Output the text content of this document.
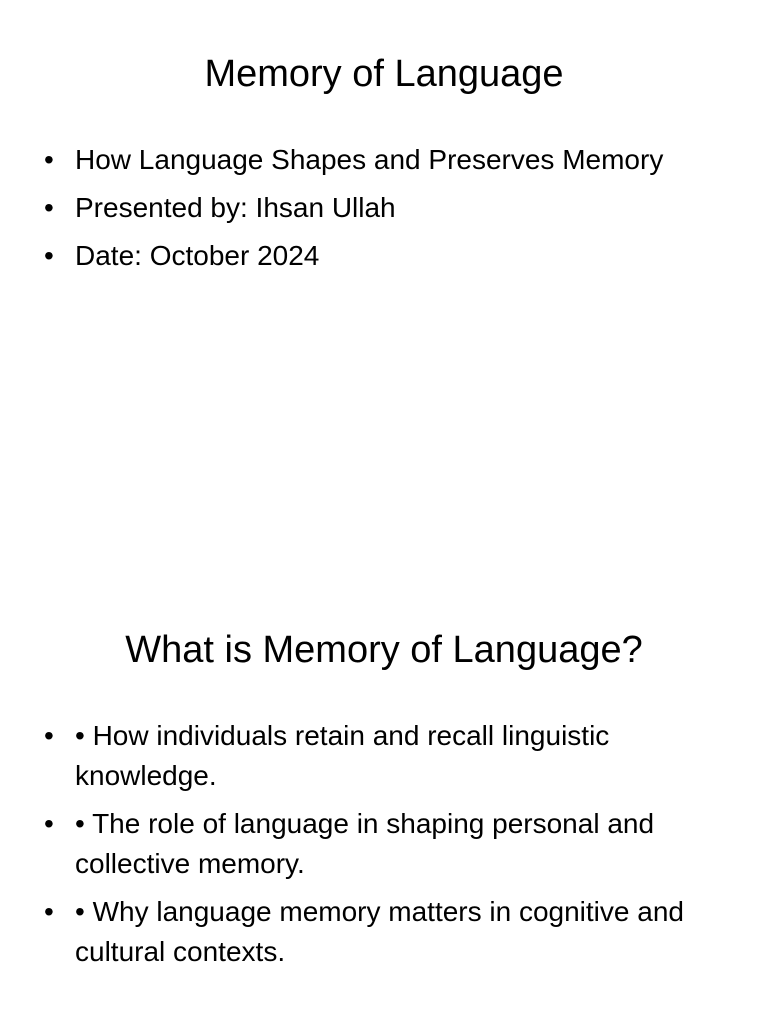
Memory of Language
• How Language Shapes and Preserves Memory
• Presented by: Ihsan Ullah
• Date: October 2024
What is Memory of Language?
• • How individuals retain and recall linguistic knowledge.
• • The role of language in shaping personal and collective memory.
• • Why language memory matters in cognitive and cultural contexts.
